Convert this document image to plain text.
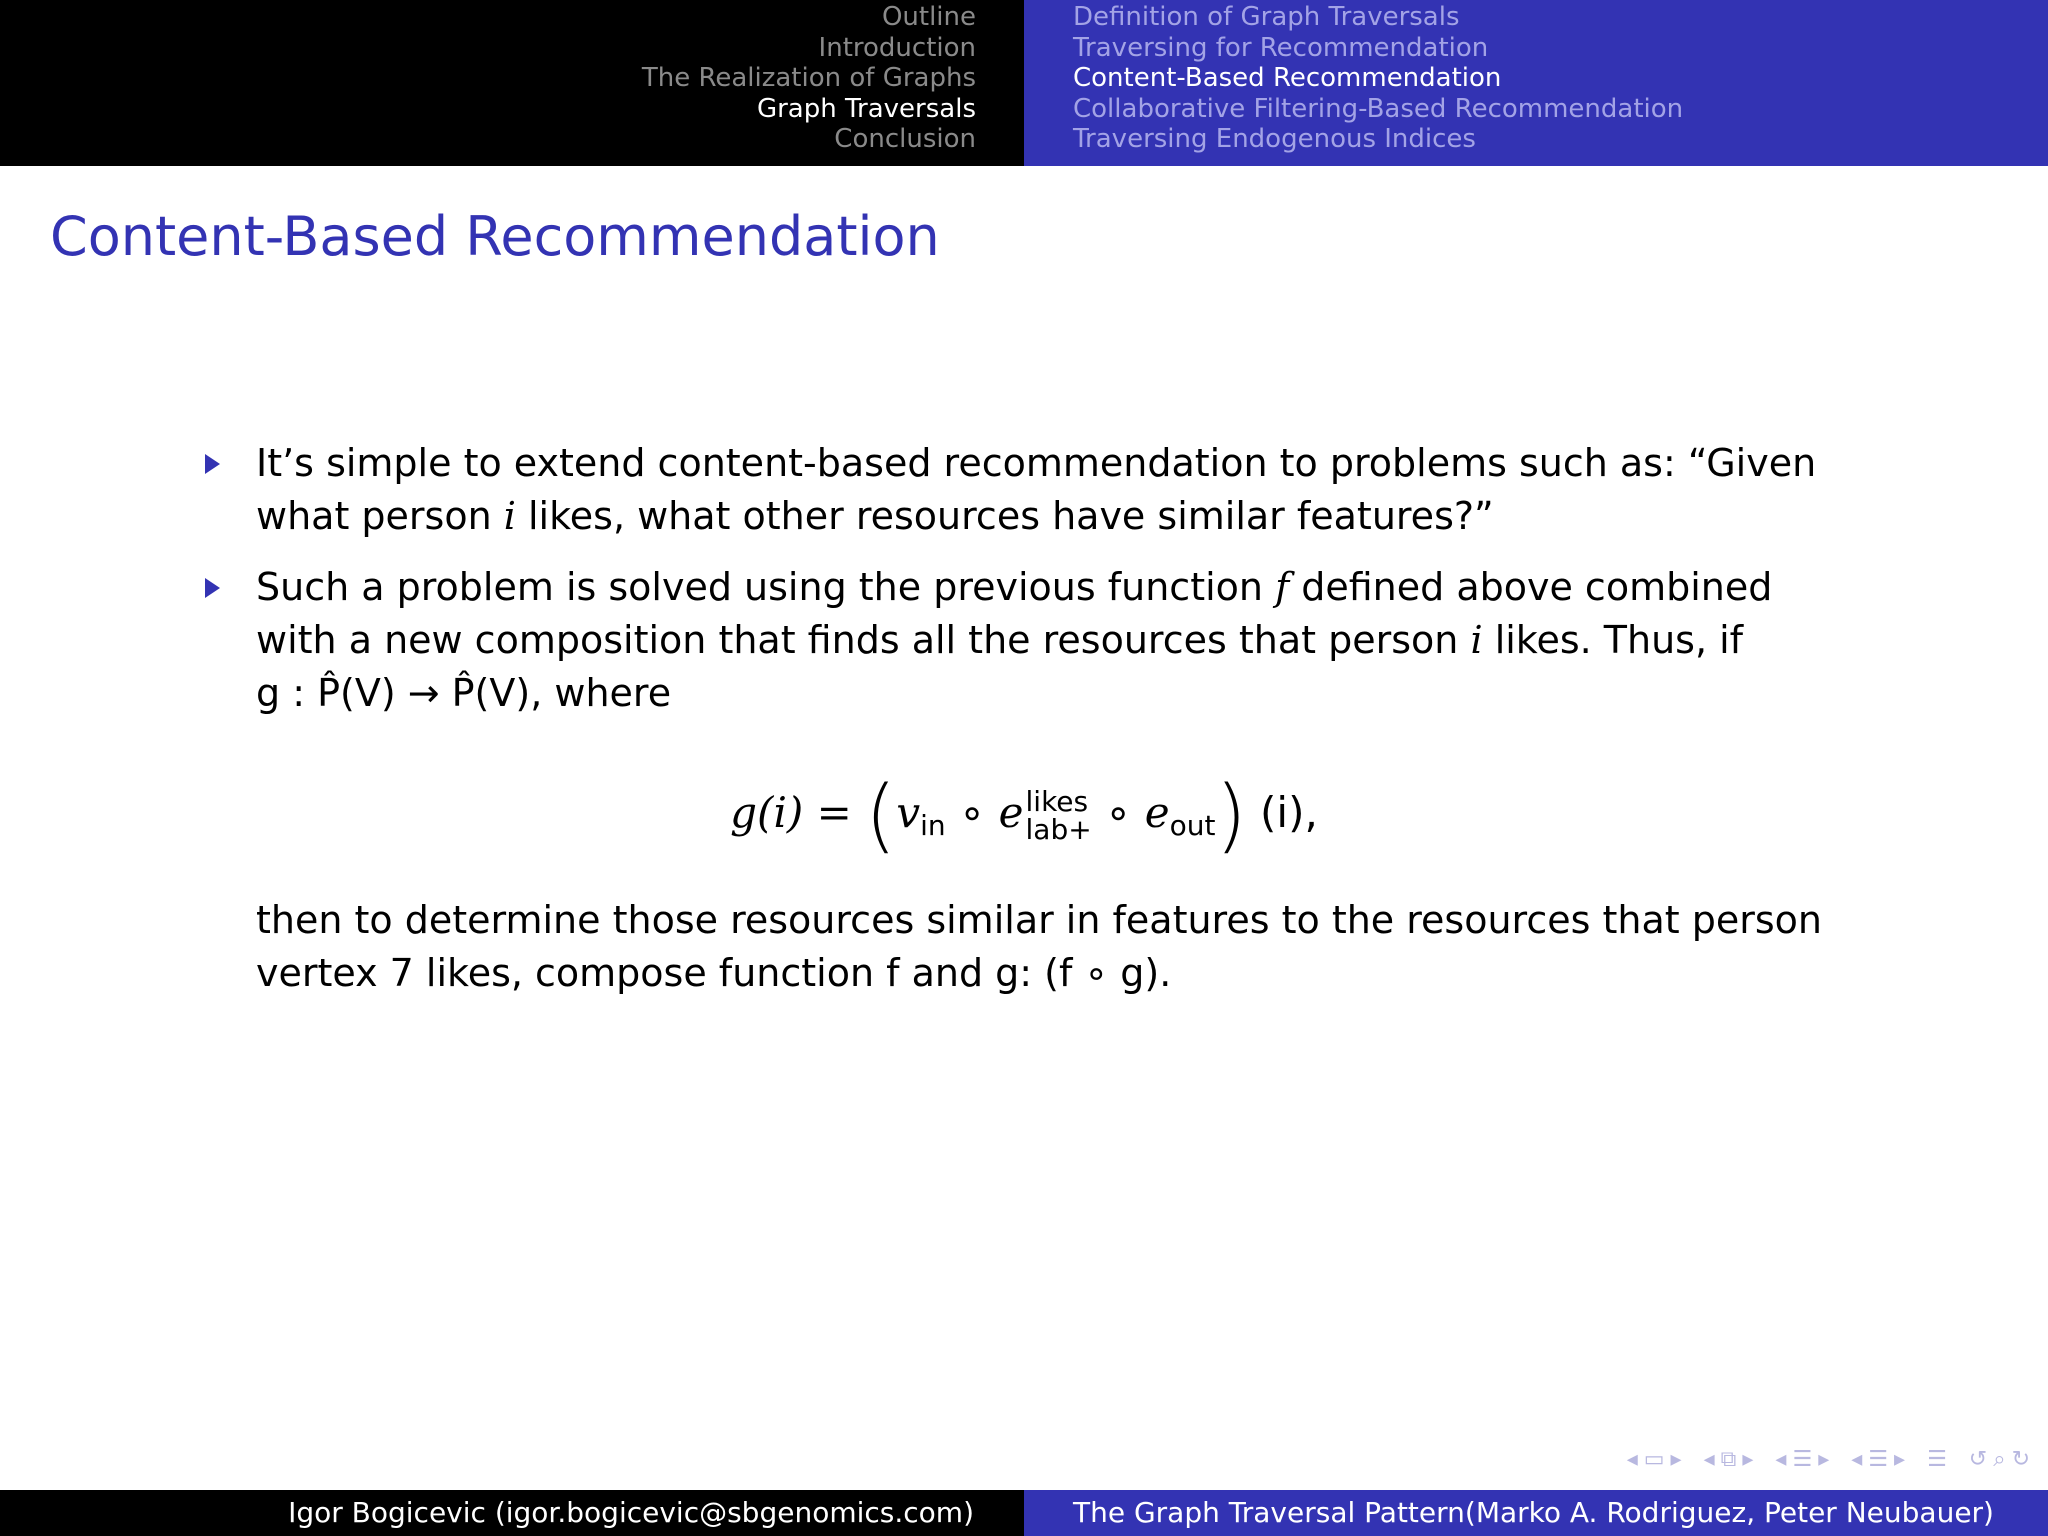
Outline
Introduction
The Realization of Graphs
Graph Traversals
Conclusion
Definition of Graph Traversals
Traversing for Recommendation
Content-Based Recommendation
Collaborative Filtering-Based Recommendation
Traversing Endogenous Indices
Content-Based Recommendation

It’s simple to extend content-based recommendation to problems such as: “Given

what person i likes, what other resources have similar features?”

Such a problem is solved using the previous function f defined above combined

with a new composition that finds all the resources that person i likes. Thus, if

g : P̂(V) → P̂(V), where

$g(i) = (v_{in}$ ∘ e likes
lab+ ∘ $e_{out}$) (i),

then to determine those resources similar in features to the resources that person

vertex 7 likes, compose function f and g: (f ∘ g).

◂ ▭ ▸ ◂ ⧉ ▸ ◂ ☰ ▸ ◂ ☰ ▸ ☰ ↺ ⌕ ↻
Igor Bogicevic (igor.bogicevic@sbgenomics.com)	The Graph Traversal Pattern(Marko A. Rodriguez, Peter Neubauer)
